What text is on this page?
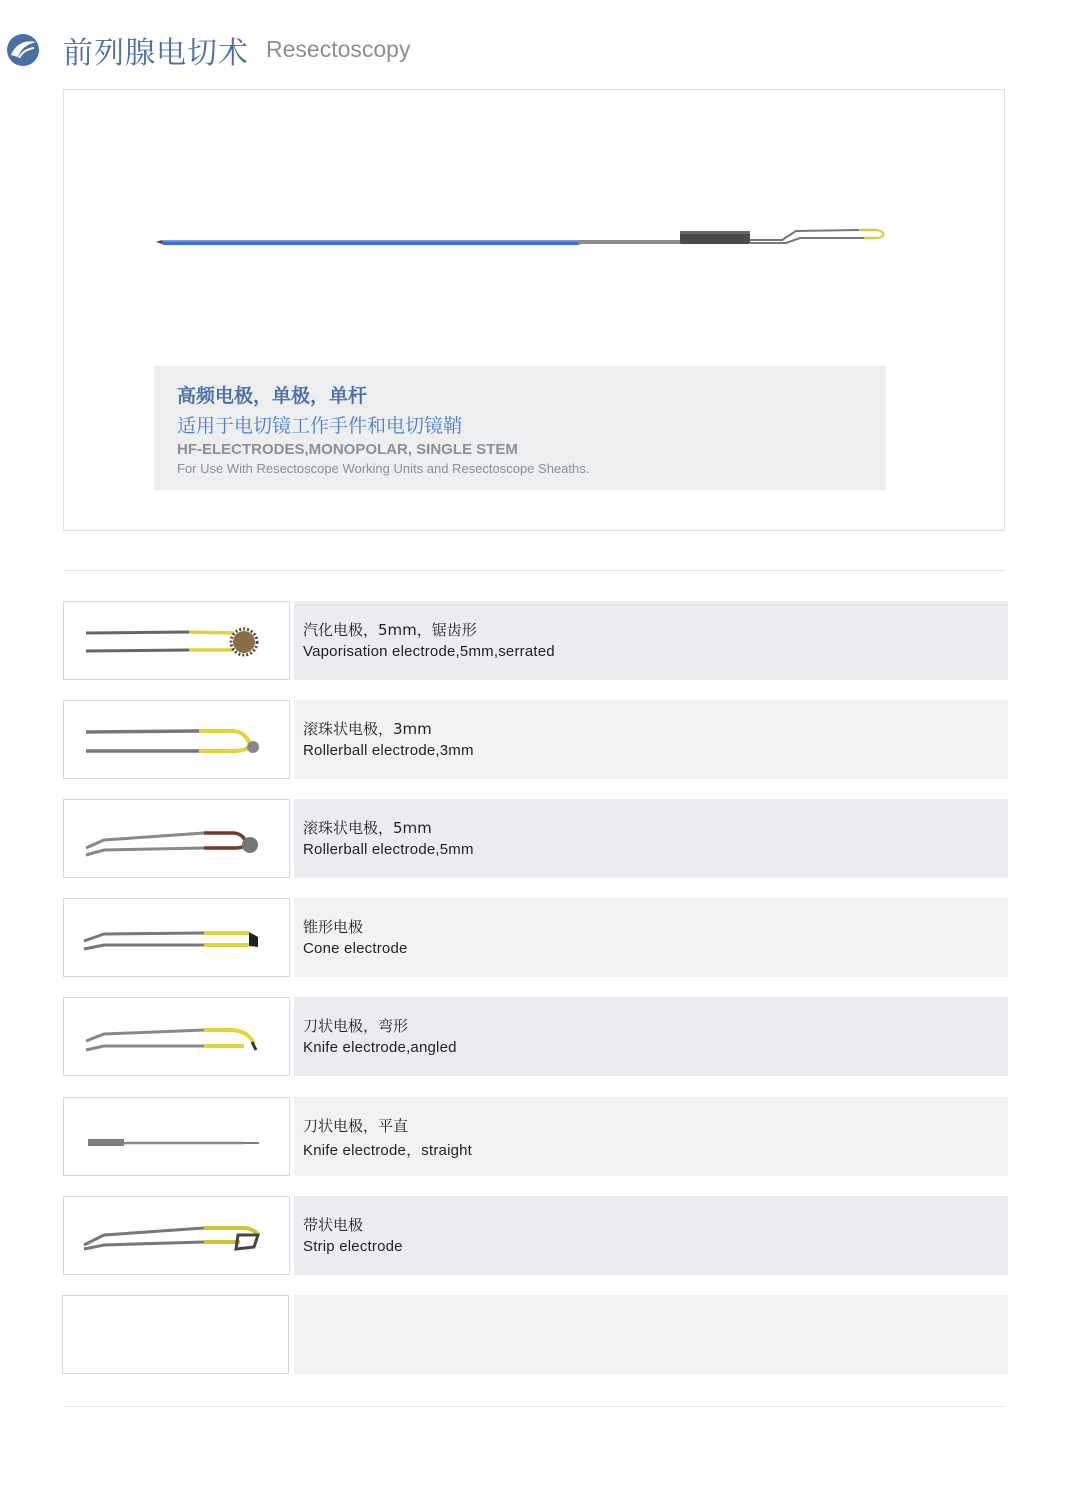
前列腺电切术 Resectoscopy
高频电极，单极，单杆
适用于电切镜工作手件和电切镜鞘
HF-ELECTRODES,MONOPOLAR, SINGLE STEM
For Use With Resectoscope Working Units and Resectoscope Sheaths.
汽化电极，5mm，锯齿形
Vaporisation electrode,5mm,serrated
滚珠状电极，3mm
Rollerball electrode,3mm
滚珠状电极，5mm
Rollerball electrode,5mm
锥形电极
Cone electrode
刀状电极，弯形
Knife electrode,angled
刀状电极，平直
Knife electrode，straight
带状电极
Strip electrode
